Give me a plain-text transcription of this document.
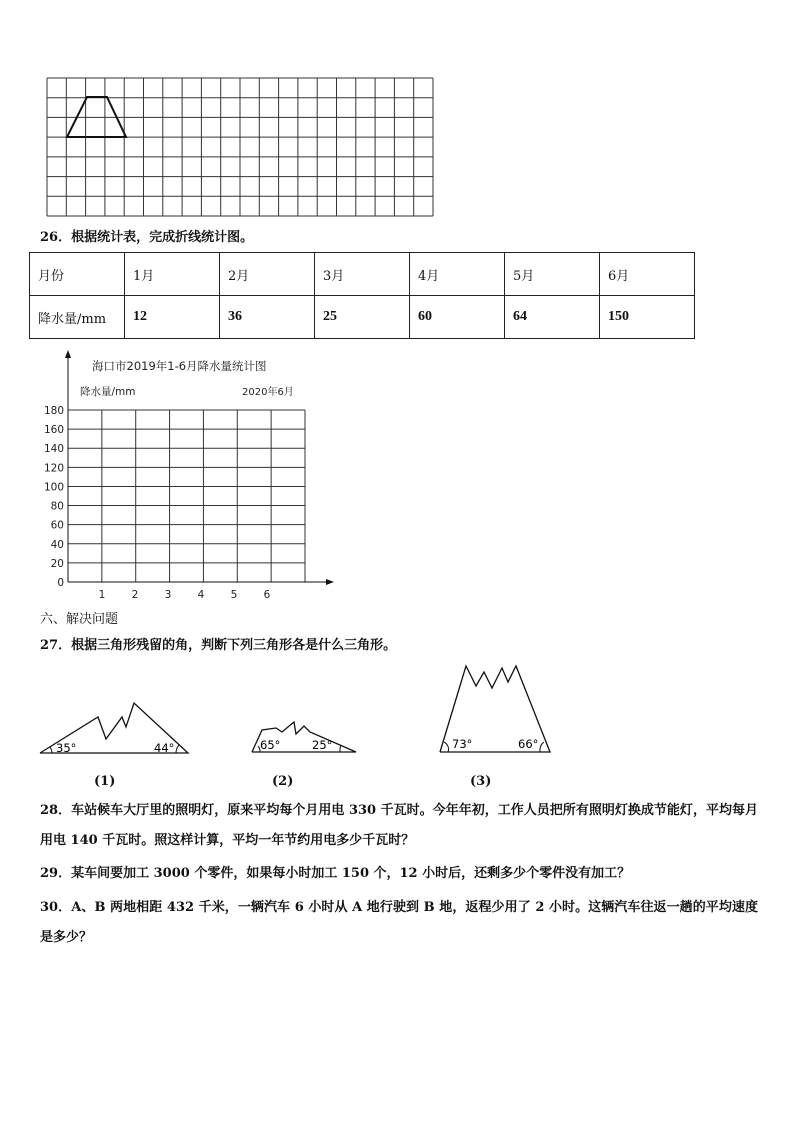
26．根据统计表，完成折线统计图。
月份	1月	2月	3月	4月	5月	6月
降水量/mm	12	36	25	60	64	150
海口市2019年1-6月降水量统计图
降水量/mm	2020年6月
0
20
40
60
80
100
120
140
160
180
1	2	3	4	5	6
六、解决问题
27．根据三角形残留的角，判断下列三角形各是什么三角形。
35°	44°
(1)
65°	25°
(2)
73°	66°
(3)
28．车站候车大厅里的照明灯，原来平均每个月用电 330 千瓦时。今年年初，工作人员把所有照明灯换成节能灯，平均每月用电 140 千瓦时。照这样计算，平均一年节约用电多少千瓦时？
29．某车间要加工 3000 个零件，如果每小时加工 150 个，12 小时后，还剩多少个零件没有加工？
30．A、B 两地相距 432 千米，一辆汽车 6 小时从 A 地行驶到 B 地，返程少用了 2 小时。这辆汽车往返一趟的平均速度是多少？
